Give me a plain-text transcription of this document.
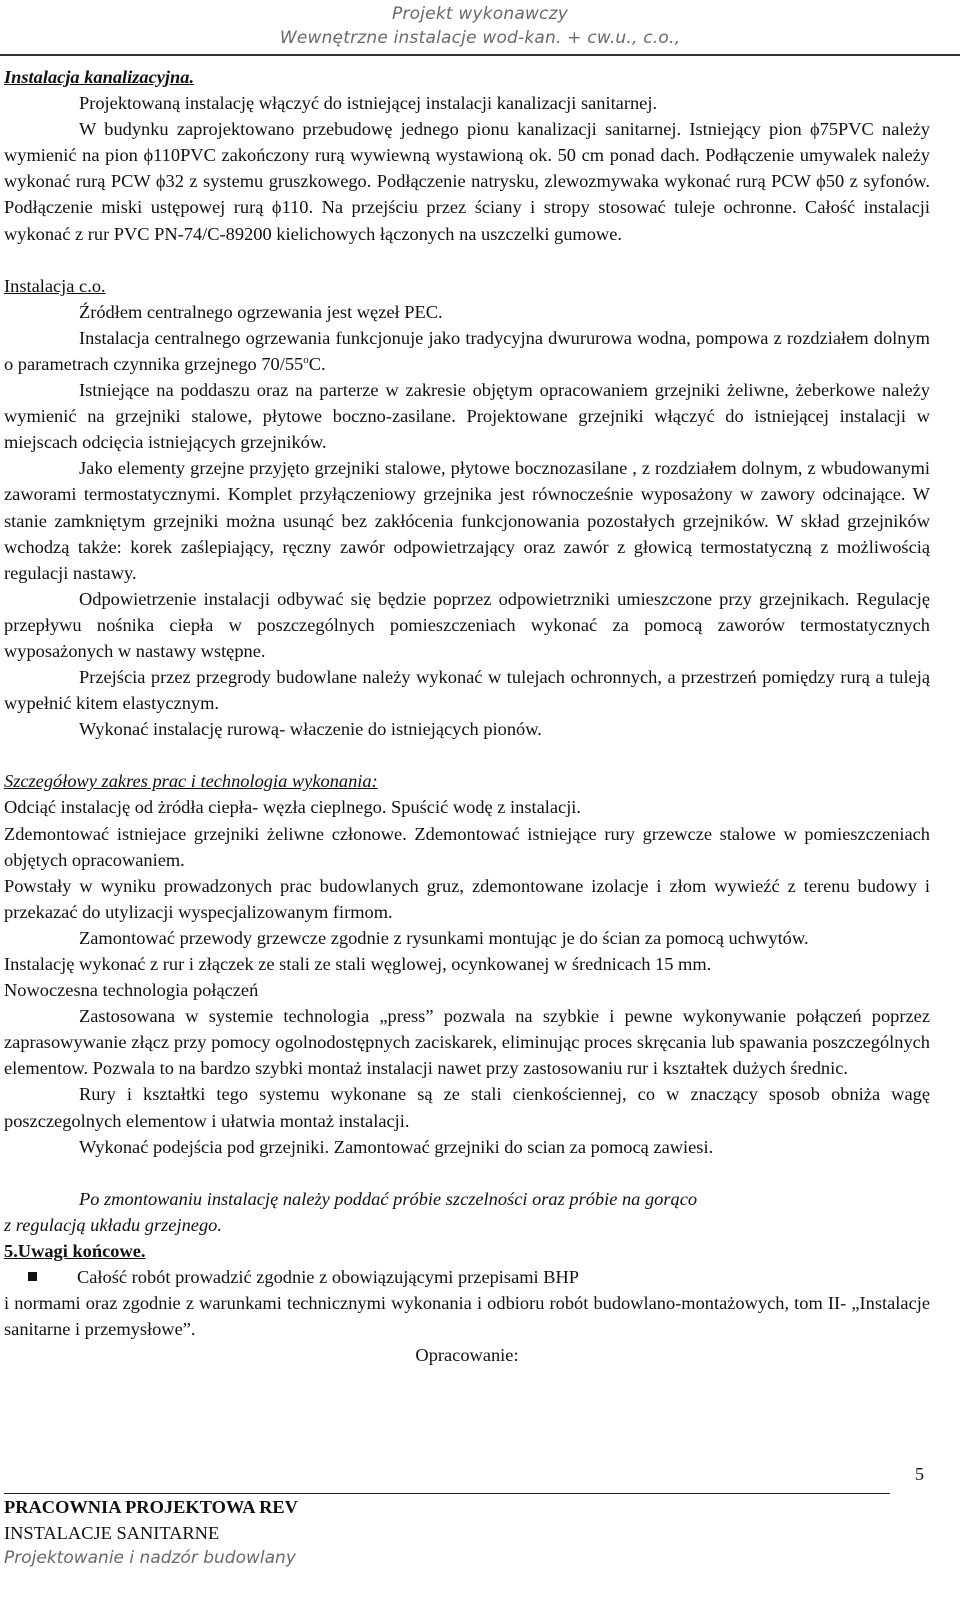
Projekt wykonawczy
Wewnętrzne instalacje wod-kan. + cw.u., c.o.,
Instalacja kanalizacyjna.

Projektowaną instalację włączyć do istniejącej instalacji kanalizacji sanitarnej.

W budynku zaprojektowano przebudowę jednego pionu kanalizacji sanitarnej. Istniejący pion ϕ75PVC należy wymienić na pion ϕ110PVC zakończony rurą wywiewną wystawioną ok. 50 cm ponad dach. Podłączenie umywalek należy wykonać rurą PCW ϕ32 z systemu gruszkowego. Podłączenie natrysku, zlewozmywaka wykonać rurą PCW ϕ50 z syfonów. Podłączenie miski ustępowej rurą ϕ110. Na przejściu przez ściany i stropy stosować tuleje ochronne. Całość instalacji wykonać z rur PVC PN-74/C-89200 kielichowych łączonych na uszczelki gumowe.

Instalacja c.o.

Źródłem centralnego ogrzewania jest węzeł PEC.

Instalacja centralnego ogrzewania funkcjonuje jako tradycyjna dwururowa wodna, pompowa z rozdziałem dolnym o parametrach czynnika grzejnego 70/55$^o$C.

Istniejące na poddaszu oraz na parterze w zakresie objętym opracowaniem grzejniki żeliwne, żeberkowe należy wymienić na grzejniki stalowe, płytowe boczno-zasilane. Projektowane grzejniki włączyć do istniejącej instalacji w miejscach odcięcia istniejących grzejników.

Jako elementy grzejne przyjęto grzejniki stalowe, płytowe bocznozasilane , z rozdziałem dolnym, z wbudowanymi zaworami termostatycznymi. Komplet przyłączeniowy grzejnika jest równocześnie wyposażony w zawory odcinające. W stanie zamkniętym grzejniki można usunąć bez zakłócenia funkcjonowania pozostałych grzejników. W skład grzejników wchodzą także: korek zaślepiający, ręczny zawór odpowietrzający oraz zawór z głowicą termostatyczną z możliwością regulacji nastawy.

Odpowietrzenie instalacji odbywać się będzie poprzez odpowietrzniki umieszczone przy grzejnikach. Regulację przepływu nośnika ciepła w poszczególnych pomieszczeniach wykonać za pomocą zaworów termostatycznych wyposażonych w nastawy wstępne.

Przejścia przez przegrody budowlane należy wykonać w tulejach ochronnych, a przestrzeń pomiędzy rurą a tuleją wypełnić kitem elastycznym.

Wykonać instalację rurową- właczenie do istniejących pionów.

Szczegółowy zakres prac i technologia wykonania:

Odciąć instalację od żródła ciepła- węzła cieplnego. Spuścić wodę z instalacji.

Zdemontować istniejace grzejniki żeliwne członowe. Zdemontować istniejące rury grzewcze stalowe w pomieszczeniach objętych opracowaniem.

Powstały w wyniku prowadzonych prac budowlanych gruz, zdemontowane izolacje i złom wywieźć z terenu budowy i przekazać do utylizacji wyspecjalizowanym firmom.

Zamontować przewody grzewcze zgodnie z rysunkami montując je do ścian za pomocą uchwytów.

Instalację wykonać z rur i złączek ze stali ze stali węglowej, ocynkowanej w średnicach 15 mm.

Nowoczesna technologia połączeń

Zastosowana w systemie technologia „press” pozwala na szybkie i pewne wykonywanie połączeń poprzez zaprasowywanie złącz przy pomocy ogolnodostępnych zaciskarek, eliminując proces skręcania lub spawania poszczególnych elementow. Pozwala to na bardzo szybki montaż instalacji nawet przy zastosowaniu rur i kształtek dużych średnic.

Rury i kształtki tego systemu wykonane są ze stali cienkościennej, co w znaczący sposob obniża wagę poszczegolnych elementow i ułatwia montaż instalacji.

Wykonać podejścia pod grzejniki. Zamontować grzejniki do scian za pomocą zawiesi.

Po zmontowaniu instalację należy poddać próbie szczelności oraz próbie na gorąco

z regulacją układu grzejnego.

5.Uwagi końcowe.
Całość robót prowadzić zgodnie z obowiązującymi przepisami BHP

i normami oraz zgodnie z warunkami technicznymi wykonania i odbioru robót budowlano-montażowych, tom II- „Instalacje sanitarne i przemysłowe”.

Opracowanie:

5
PRACOWNIA PROJEKTOWA REV
INSTALACJE SANITARNE
Projektowanie i nadzór budowlany
